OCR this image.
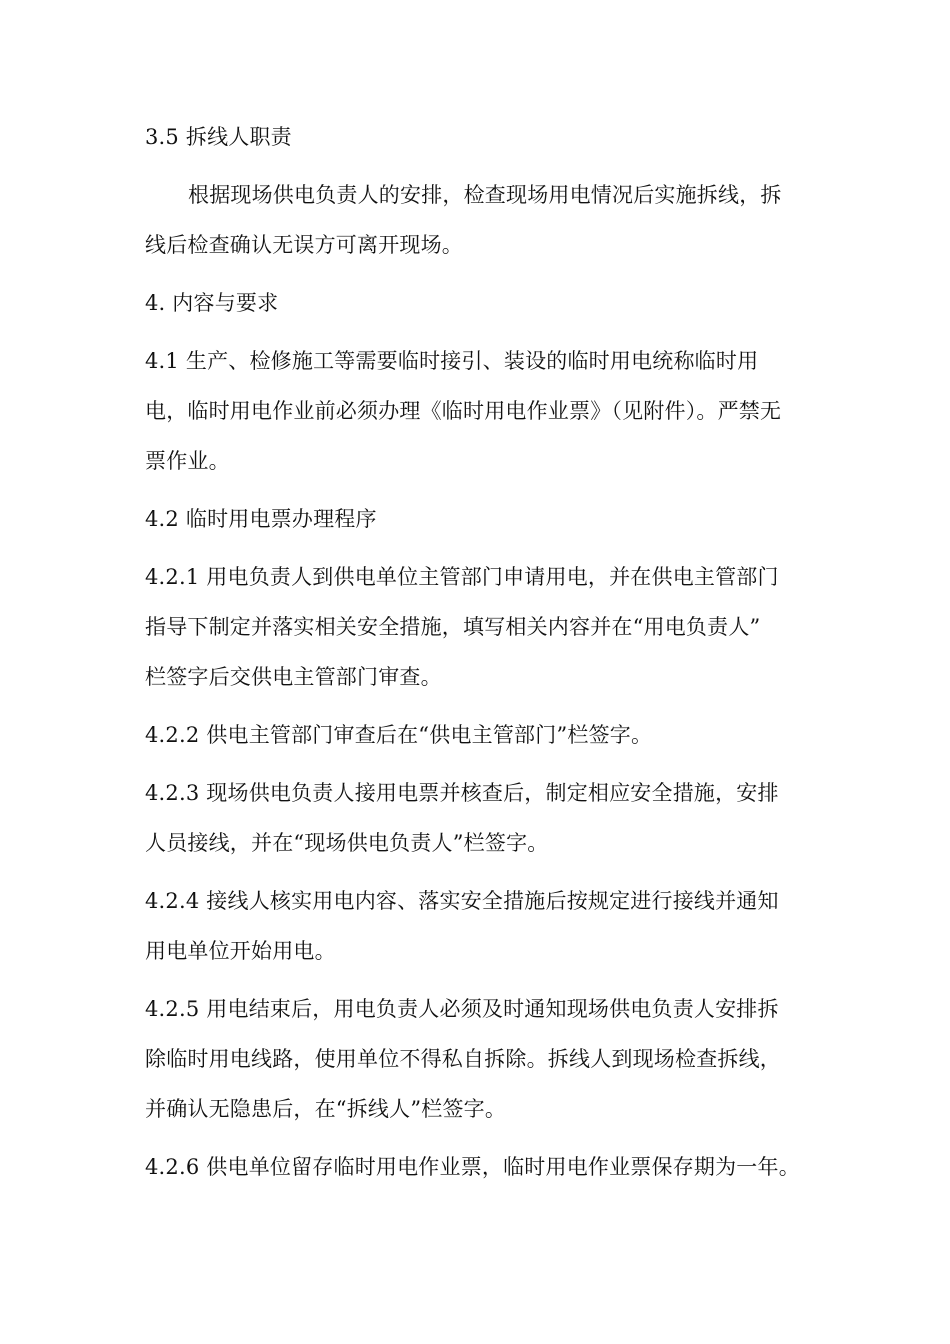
3.5 拆线人职责
根据现场供电负责人的安排，检查现场用电情况后实施拆线，拆
线后检查确认无误方可离开现场。
4. 内容与要求
4.1 生产、检修施工等需要临时接引、装设的临时用电统称临时用
电，临时用电作业前必须办理《临时用电作业票》（见附件）。严禁无
票作业。
4.2 临时用电票办理程序
4.2.1 用电负责人到供电单位主管部门申请用电，并在供电主管部门
指导下制定并落实相关安全措施，填写相关内容并在“用电负责人”
栏签字后交供电主管部门审查。
4.2.2 供电主管部门审查后在“供电主管部门”栏签字。
4.2.3 现场供电负责人接用电票并核查后，制定相应安全措施，安排
人员接线，并在“现场供电负责人”栏签字。
4.2.4 接线人核实用电内容、落实安全措施后按规定进行接线并通知
用电单位开始用电。
4.2.5 用电结束后，用电负责人必须及时通知现场供电负责人安排拆
除临时用电线路，使用单位不得私自拆除。拆线人到现场检查拆线，
并确认无隐患后，在“拆线人”栏签字。
4.2.6 供电单位留存临时用电作业票，临时用电作业票保存期为一年。
